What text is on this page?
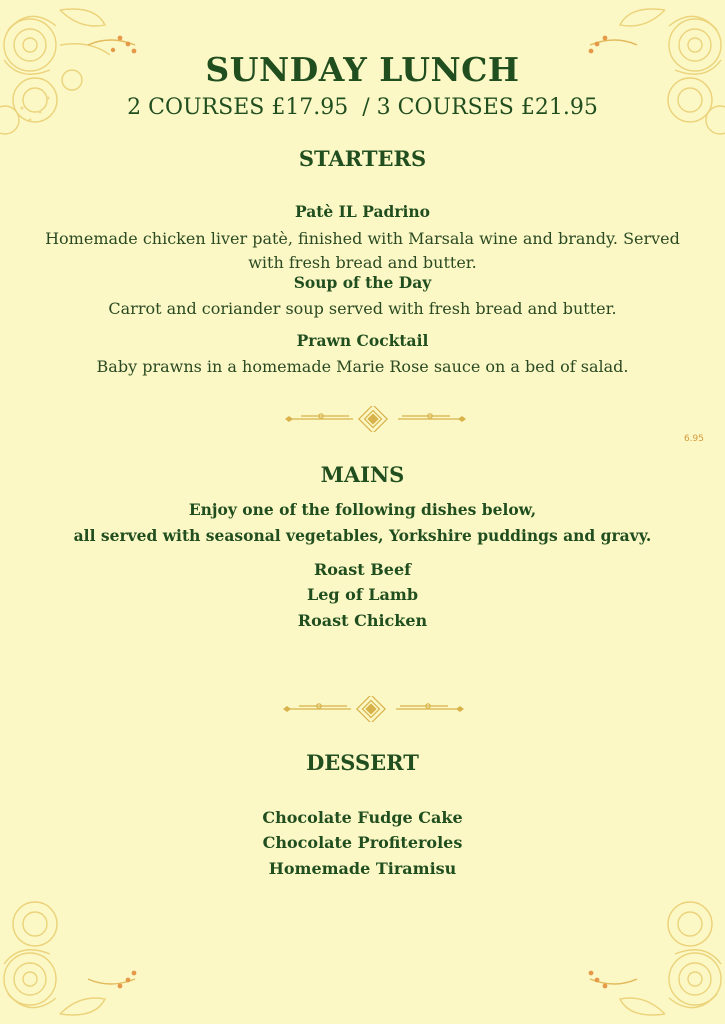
SUNDAY LUNCH
2 COURSES £17.95  / 3 COURSES £21.95
STARTERS
Patè IL Padrino
Homemade chicken liver patè, finished with Marsala wine and brandy. Served
with fresh bread and butter.
Soup of the Day
Carrot and coriander soup served with fresh bread and butter.
Prawn Cocktail
Baby prawns in a homemade Marie Rose sauce on a bed of salad.
6.95
MAINS
Enjoy one of the following dishes below,
all served with seasonal vegetables, Yorkshire puddings and gravy.
Roast Beef
Leg of Lamb
Roast Chicken
DESSERT
Chocolate Fudge Cake
Chocolate Profiteroles
Homemade Tiramisu
